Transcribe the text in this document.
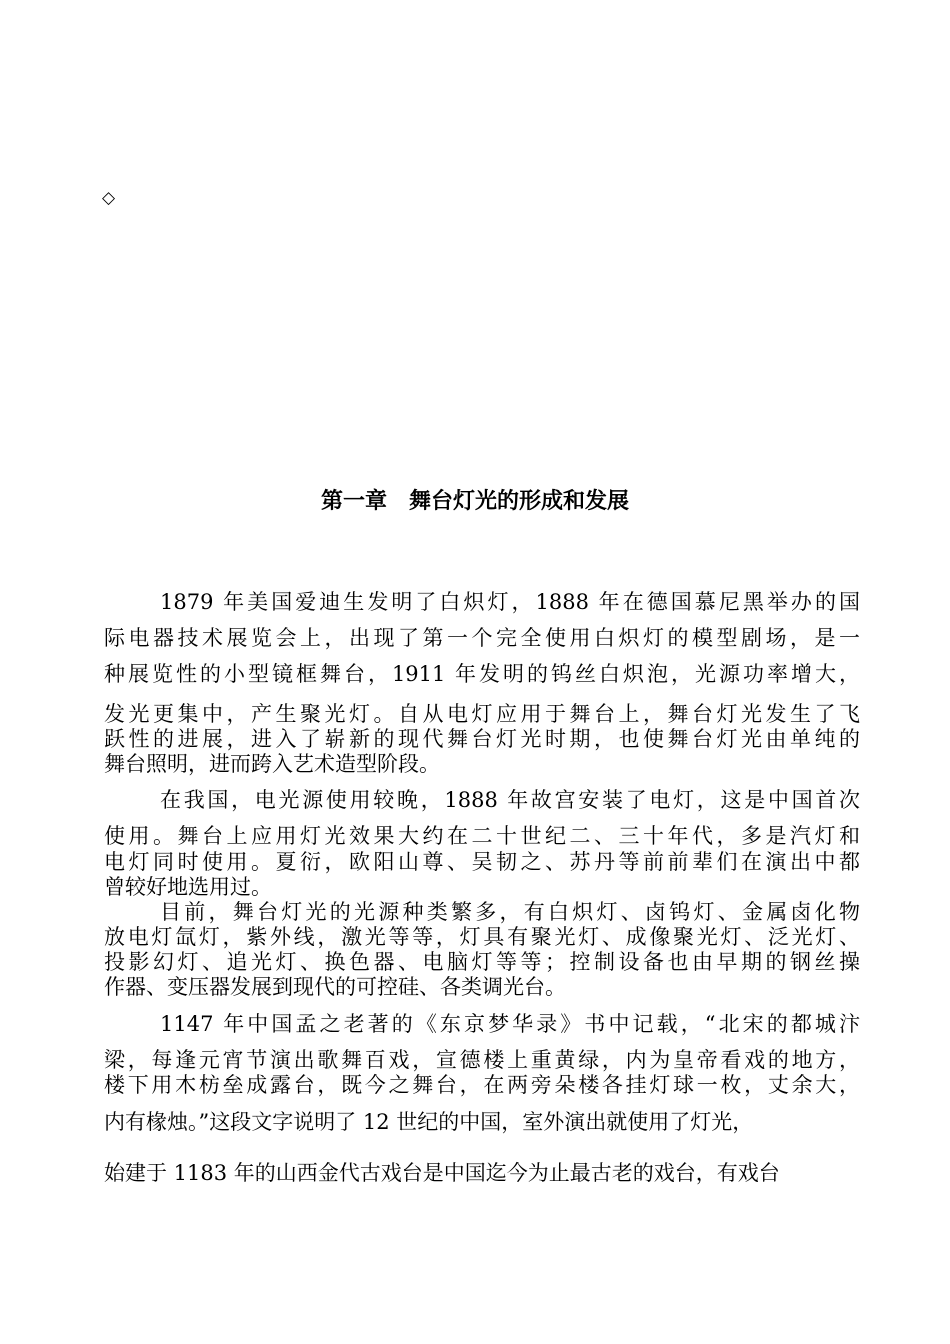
◇
第一章　舞台灯光的形成和发展
1879 年美国爱迪生发明了白炽灯，1888 年在德国慕尼黑举办的国
际电器技术展览会上，出现了第一个完全使用白炽灯的模型剧场，是一
种展览性的小型镜框舞台，1911 年发明的钨丝白炽泡，光源功率增大，
发光更集中，产生聚光灯。自从电灯应用于舞台上，舞台灯光发生了飞
跃性的进展，进入了崭新的现代舞台灯光时期，也使舞台灯光由单纯的
舞台照明，进而跨入艺术造型阶段。
在我国，电光源使用较晚，1888 年故宫安装了电灯，这是中国首次
使用。舞台上应用灯光效果大约在二十世纪二、三十年代，多是汽灯和
电灯同时使用。夏衍，欧阳山尊、吴韧之、苏丹等前前辈们在演出中都
曾较好地选用过。
目前，舞台灯光的光源种类繁多，有白炽灯、卤钨灯、金属卤化物
放电灯氙灯，紫外线，激光等等，灯具有聚光灯、成像聚光灯、泛光灯、
投影幻灯、追光灯、换色器、电脑灯等等；控制设备也由早期的钢丝操
作器、变压器发展到现代的可控硅、各类调光台。
1147 年中国孟之老著的《东京梦华录》书中记载，“北宋的都城汴
梁，每逢元宵节演出歌舞百戏，宣德楼上重黄绿，内为皇帝看戏的地方，
楼下用木枋垒成露台，既今之舞台，在两旁朵楼各挂灯球一枚，丈余大，
内有椽烛。”这段文字说明了 12 世纪的中国，室外演出就使用了灯光，
始建于 1183 年的山西金代古戏台是中国迄今为止最古老的戏台，有戏台
